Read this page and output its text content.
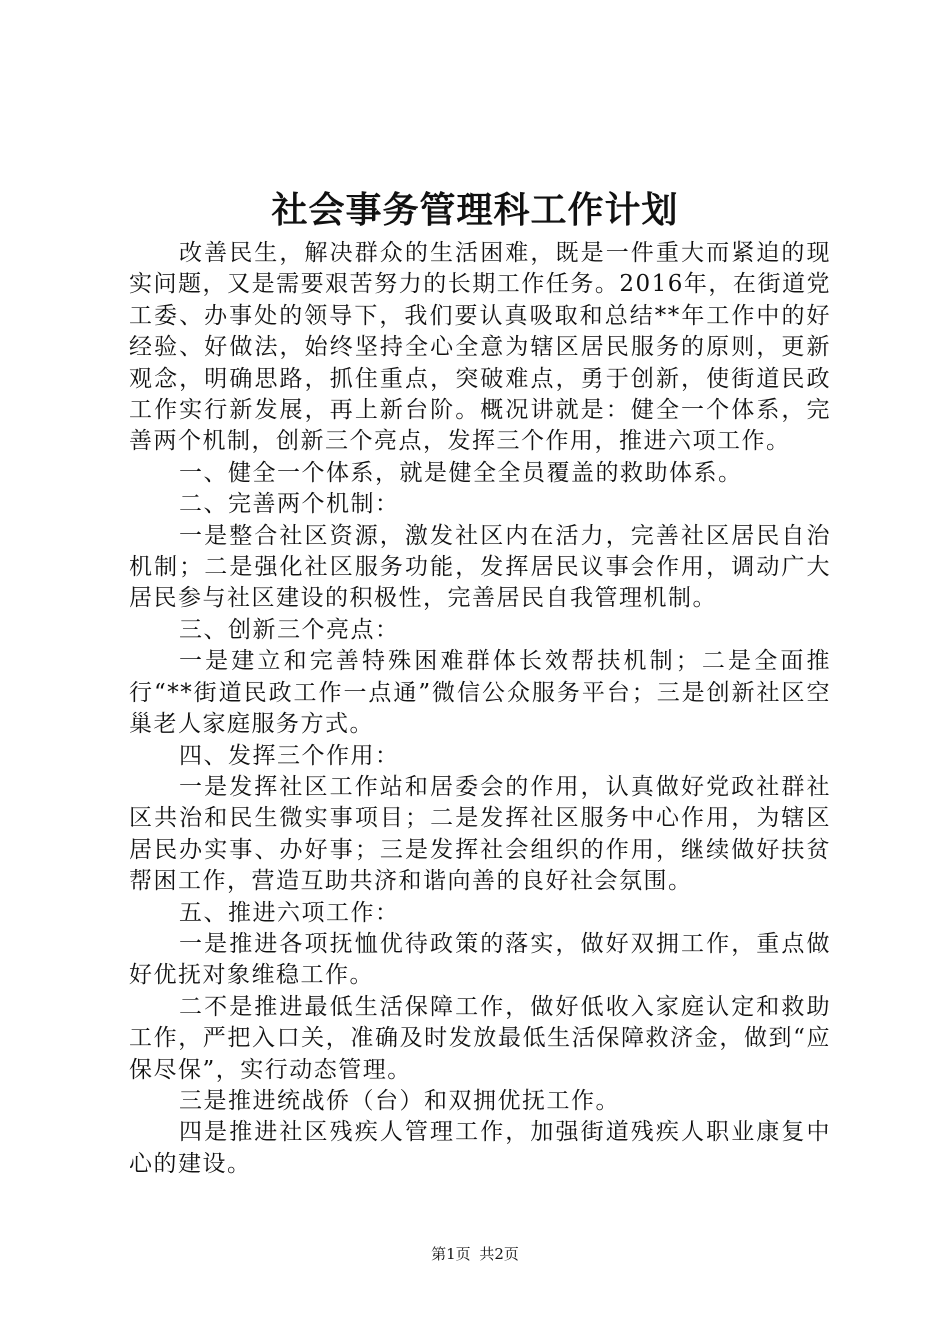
社会事务管理科工作计划

改善民生，解决群众的生活困难，既是一件重大而紧迫的现实问题，又是需要艰苦努力的长期工作任务。2016年，在街道党工委、办事处的领导下，我们要认真吸取和总结**年工作中的好经验、好做法，始终坚持全心全意为辖区居民服务的原则，更新观念，明确思路，抓住重点，突破难点，勇于创新，使街道民政工作实行新发展，再上新台阶。概况讲就是：健全一个体系，完善两个机制，创新三个亮点，发挥三个作用，推进六项工作。

一、健全一个体系，就是健全全员覆盖的救助体系。

二、完善两个机制：

一是整合社区资源，激发社区内在活力，完善社区居民自治机制；二是强化社区服务功能，发挥居民议事会作用，调动广大居民参与社区建设的积极性，完善居民自我管理机制。

三、创新三个亮点：

一是建立和完善特殊困难群体长效帮扶机制；二是全面推行“**街道民政工作一点通”微信公众服务平台；三是创新社区空巢老人家庭服务方式。

四、发挥三个作用：

一是发挥社区工作站和居委会的作用，认真做好党政社群社区共治和民生微实事项目；二是发挥社区服务中心作用，为辖区居民办实事、办好事；三是发挥社会组织的作用，继续做好扶贫帮困工作，营造互助共济和谐向善的良好社会氛围。

五、推进六项工作：

一是推进各项抚恤优待政策的落实，做好双拥工作，重点做好优抚对象维稳工作。

二不是推进最低生活保障工作，做好低收入家庭认定和救助工作，严把入口关，准确及时发放最低生活保障救济金，做到“应保尽保”，实行动态管理。

三是推进统战侨（台）和双拥优抚工作。

四是推进社区残疾人管理工作，加强街道残疾人职业康复中心的建设。

第1页 共2页
